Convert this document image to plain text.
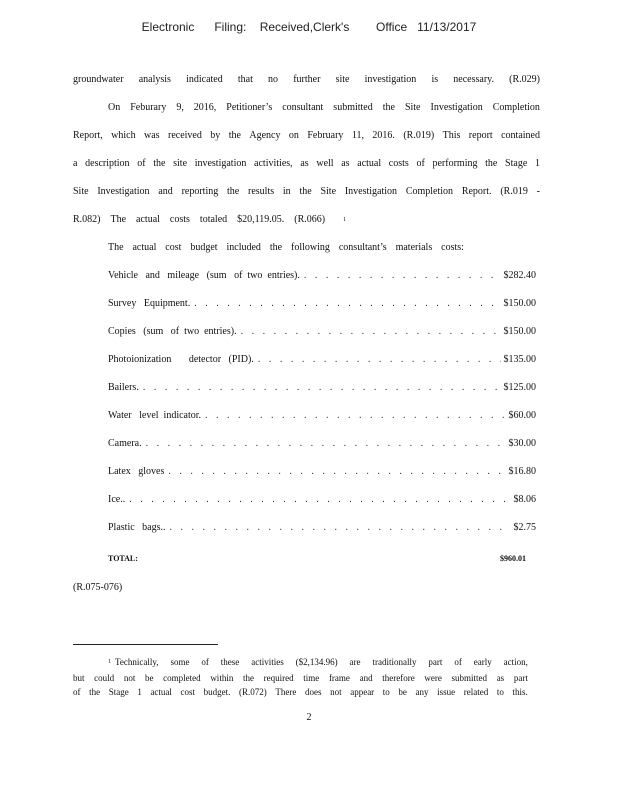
Electronic      Filing:    Received,Clerk's        Office   11/13/2017
groundwater analysis indicated that no further site investigation is necessary. (R.029)
On Feburary 9, 2016, Petitioner’s consultant submitted the Site Investigation Completion
Report, which was received by the Agency on February 11, 2016. (R.019) This report contained
a description of the site investigation activities, as well as actual costs of performing the Stage 1
Site Investigation and reporting the results in the Site Investigation Completion Report. (R.019 -
R.082) The actual costs totaled $20,119.05. (R.066)	1
The actual cost budget included the following consultant’s materials costs:
Vehicle   and   mileage   (sum   of  two  entries). . . .	$282.40
Survey   Equipment. . . .	$150.00
Copies   (sum   of  two  entries). . . .	$150.00
Photoionization       detector   (PID). . . .	$135.00
Bailers. . . .	$125.00
Water   level  indicator. . . .	$60.00
Camera. . . .	$30.00
Latex   gloves . . .	$16.80
Ice.. . . .	$8.06
Plastic   bags.. . . .	$2.75
TOTAL:	$960.01
(R.075-076)
$^1$ Technically, some of these activities ($2,134.96) are traditionally part of early action,
but could not be completed within the required time frame and therefore were submitted as part
of the Stage 1 actual cost budget. (R.072) There does not appear to be any issue related to this.
2
